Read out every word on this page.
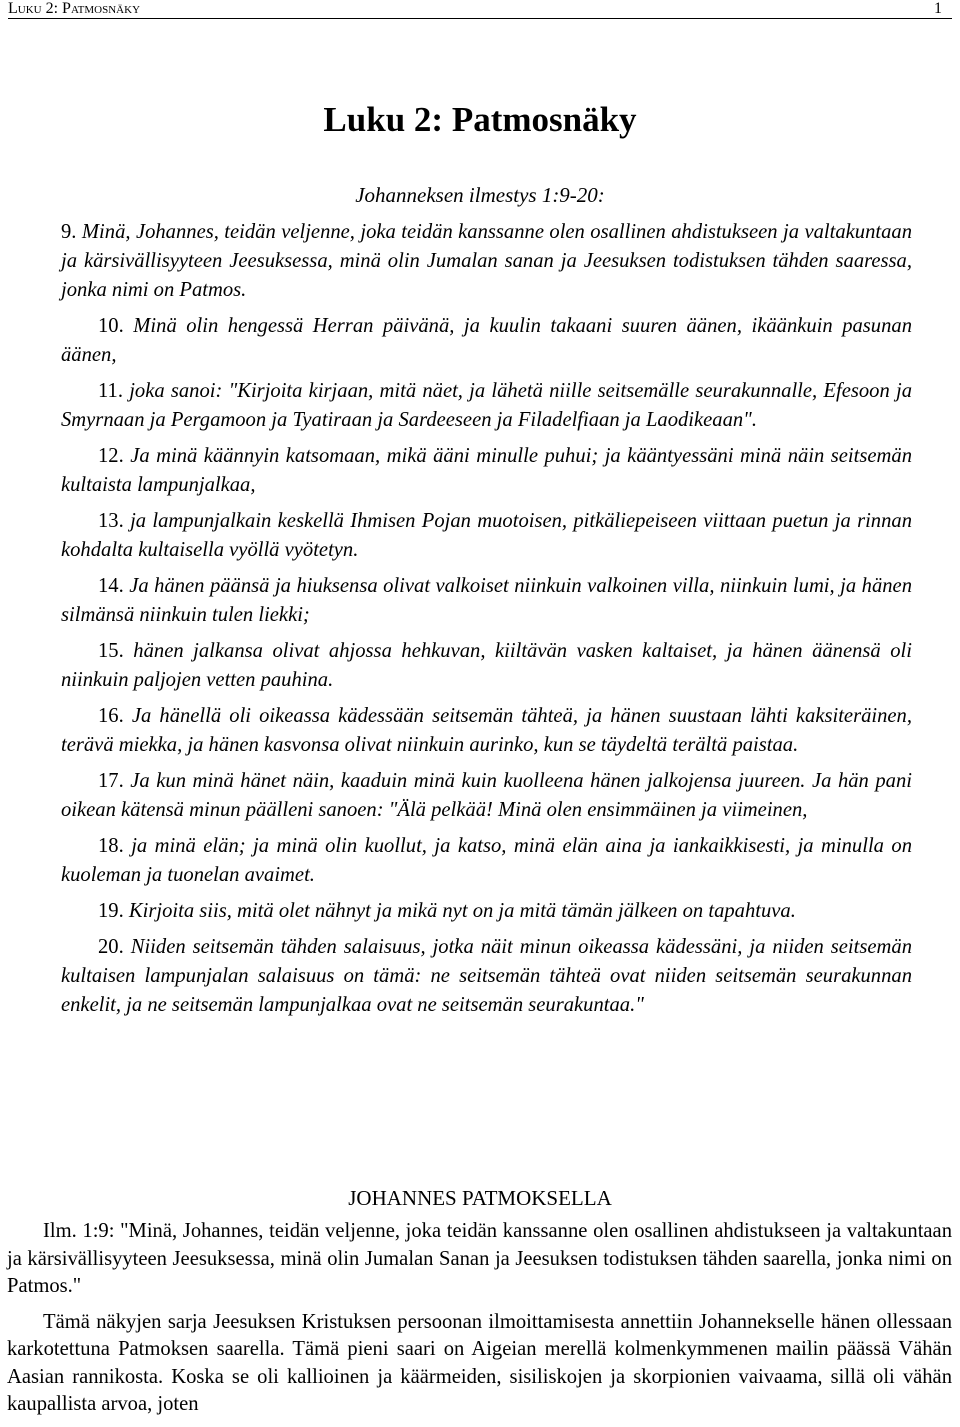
Luku 2: Patmosnäky	1
Luku 2: Patmosnäky
Johanneksen ilmestys 1:9-20:

9. Minä, Johannes, teidän veljenne, joka teidän kanssanne olen osallinen ahdistukseen ja valtakuntaan ja kärsivällisyyteen Jeesuksessa, minä olin Jumalan sanan ja Jeesuksen todistuksen tähden saaressa, jonka nimi on Patmos.

10. Minä olin hengessä Herran päivänä, ja kuulin takaani suuren äänen, ikäänkuin pasunan äänen,

11. joka sanoi: "Kirjoita kirjaan, mitä näet, ja lähetä niille seitsemälle seurakunnalle, Efesoon ja Smyrnaan ja Pergamoon ja Tyatiraan ja Sardeeseen ja Filadelfiaan ja Laodikeaan".

12. Ja minä käännyin katsomaan, mikä ääni minulle puhui; ja kääntyessäni minä näin seitsemän kultaista lampunjalkaa,

13. ja lampunjalkain keskellä Ihmisen Pojan muotoisen, pitkäliepeiseen viittaan puetun ja rinnan kohdalta kultaisella vyöllä vyötetyn.

14. Ja hänen päänsä ja hiuksensa olivat valkoiset niinkuin valkoinen villa, niinkuin lumi, ja hänen silmänsä niinkuin tulen liekki;

15. hänen jalkansa olivat ahjossa hehkuvan, kiiltävän vasken kaltaiset, ja hänen äänensä oli niinkuin paljojen vetten pauhina.

16. Ja hänellä oli oikeassa kädessään seitsemän tähteä, ja hänen suustaan lähti kaksiteräinen, terävä miekka, ja hänen kasvonsa olivat niinkuin aurinko, kun se täydeltä terältä paistaa.

17. Ja kun minä hänet näin, kaaduin minä kuin kuolleena hänen jalkojensa juureen. Ja hän pani oikean kätensä minun päälleni sanoen: "Älä pelkää! Minä olen ensimmäinen ja viimeinen,

18. ja minä elän; ja minä olin kuollut, ja katso, minä elän aina ja iankaikkisesti, ja minulla on kuoleman ja tuonelan avaimet.

19. Kirjoita siis, mitä olet nähnyt ja mikä nyt on ja mitä tämän jälkeen on tapahtuva.

20. Niiden seitsemän tähden salaisuus, jotka näit minun oikeassa kädessäni, ja niiden seitsemän kultaisen lampunjalan salaisuus on tämä: ne seitsemän tähteä ovat niiden seitsemän seurakunnan enkelit, ja ne seitsemän lampunjalkaa ovat ne seitsemän seurakuntaa."

JOHANNES PATMOKSELLA

Ilm. 1:9: "Minä, Johannes, teidän veljenne, joka teidän kanssanne olen osallinen ahdistukseen ja valtakuntaan ja kärsivällisyyteen Jeesuksessa, minä olin Jumalan Sanan ja Jeesuksen todistuksen tähden saarella, jonka nimi on Patmos."

Tämä näkyjen sarja Jeesuksen Kristuksen persoonan ilmoittamisesta annettiin Johannekselle hänen ollessaan karkotettuna Patmoksen saarella. Tämä pieni saari on Aigeian merellä kolmenkymmenen mailin päässä Vähän Aasian rannikosta. Koska se oli kallioinen ja käärmeiden, sisiliskojen ja skorpionien vaivaama, sillä oli vähän kaupallista arvoa, joten
